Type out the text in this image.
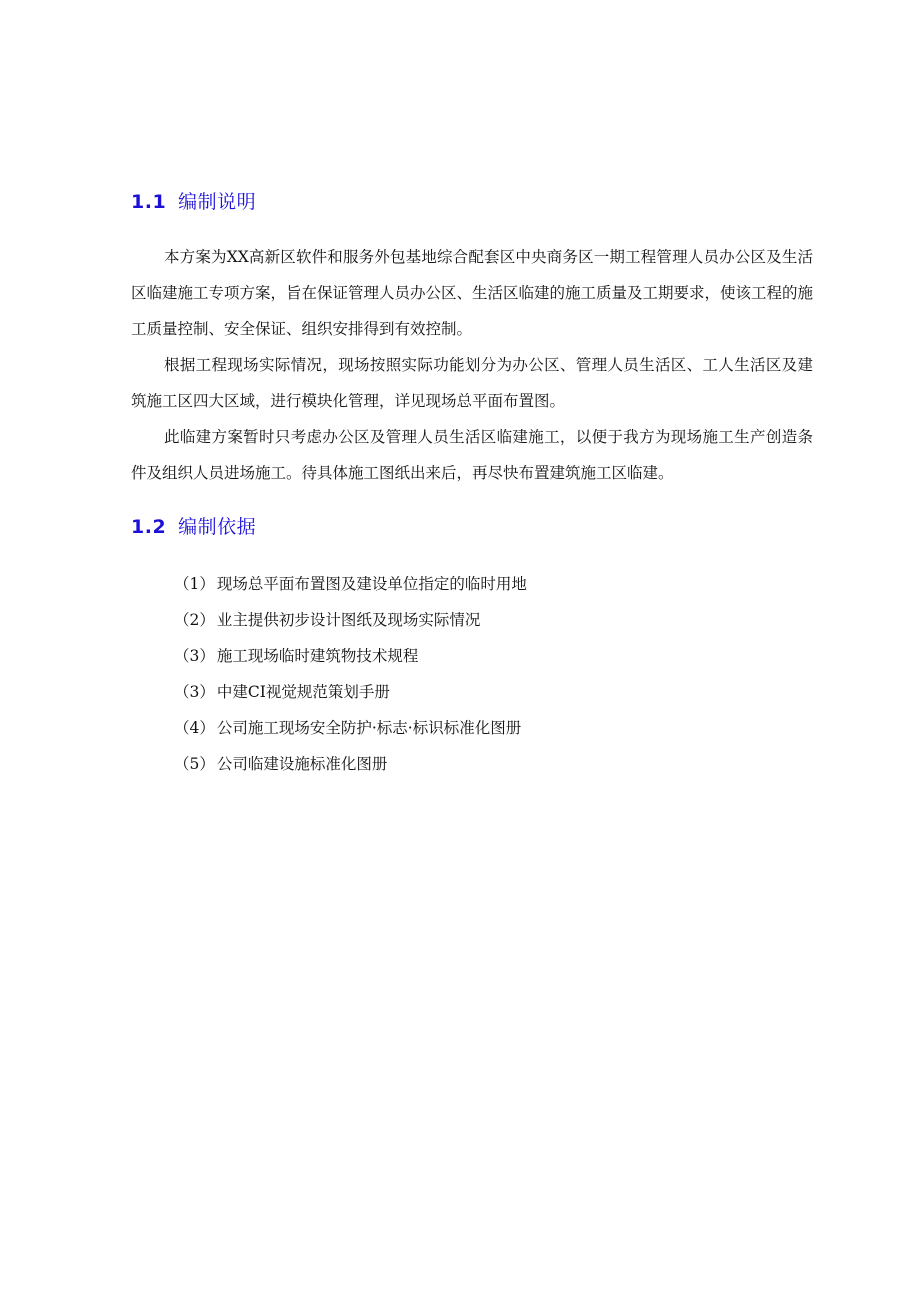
1.1 编制说明

本方案为XX高新区软件和服务外包基地综合配套区中央商务区一期工程管理人员办公区及生活区临建施工专项方案，旨在保证管理人员办公区、生活区临建的施工质量及工期要求，使该工程的施工质量控制、安全保证、组织安排得到有效控制。

根据工程现场实际情况，现场按照实际功能划分为办公区、管理人员生活区、工人生活区及建筑施工区四大区域，进行模块化管理，详见现场总平面布置图。

此临建方案暂时只考虑办公区及管理人员生活区临建施工，以便于我方为现场施工生产创造条件及组织人员进场施工。待具体施工图纸出来后，再尽快布置建筑施工区临建。

1.2 编制依据
（1） 现场总平面布置图及建设单位指定的临时用地
（2） 业主提供初步设计图纸及现场实际情况
（3） 施工现场临时建筑物技术规程
（3） 中建CI视觉规范策划手册
（4） 公司施工现场安全防护·标志·标识标准化图册
（5） 公司临建设施标准化图册
